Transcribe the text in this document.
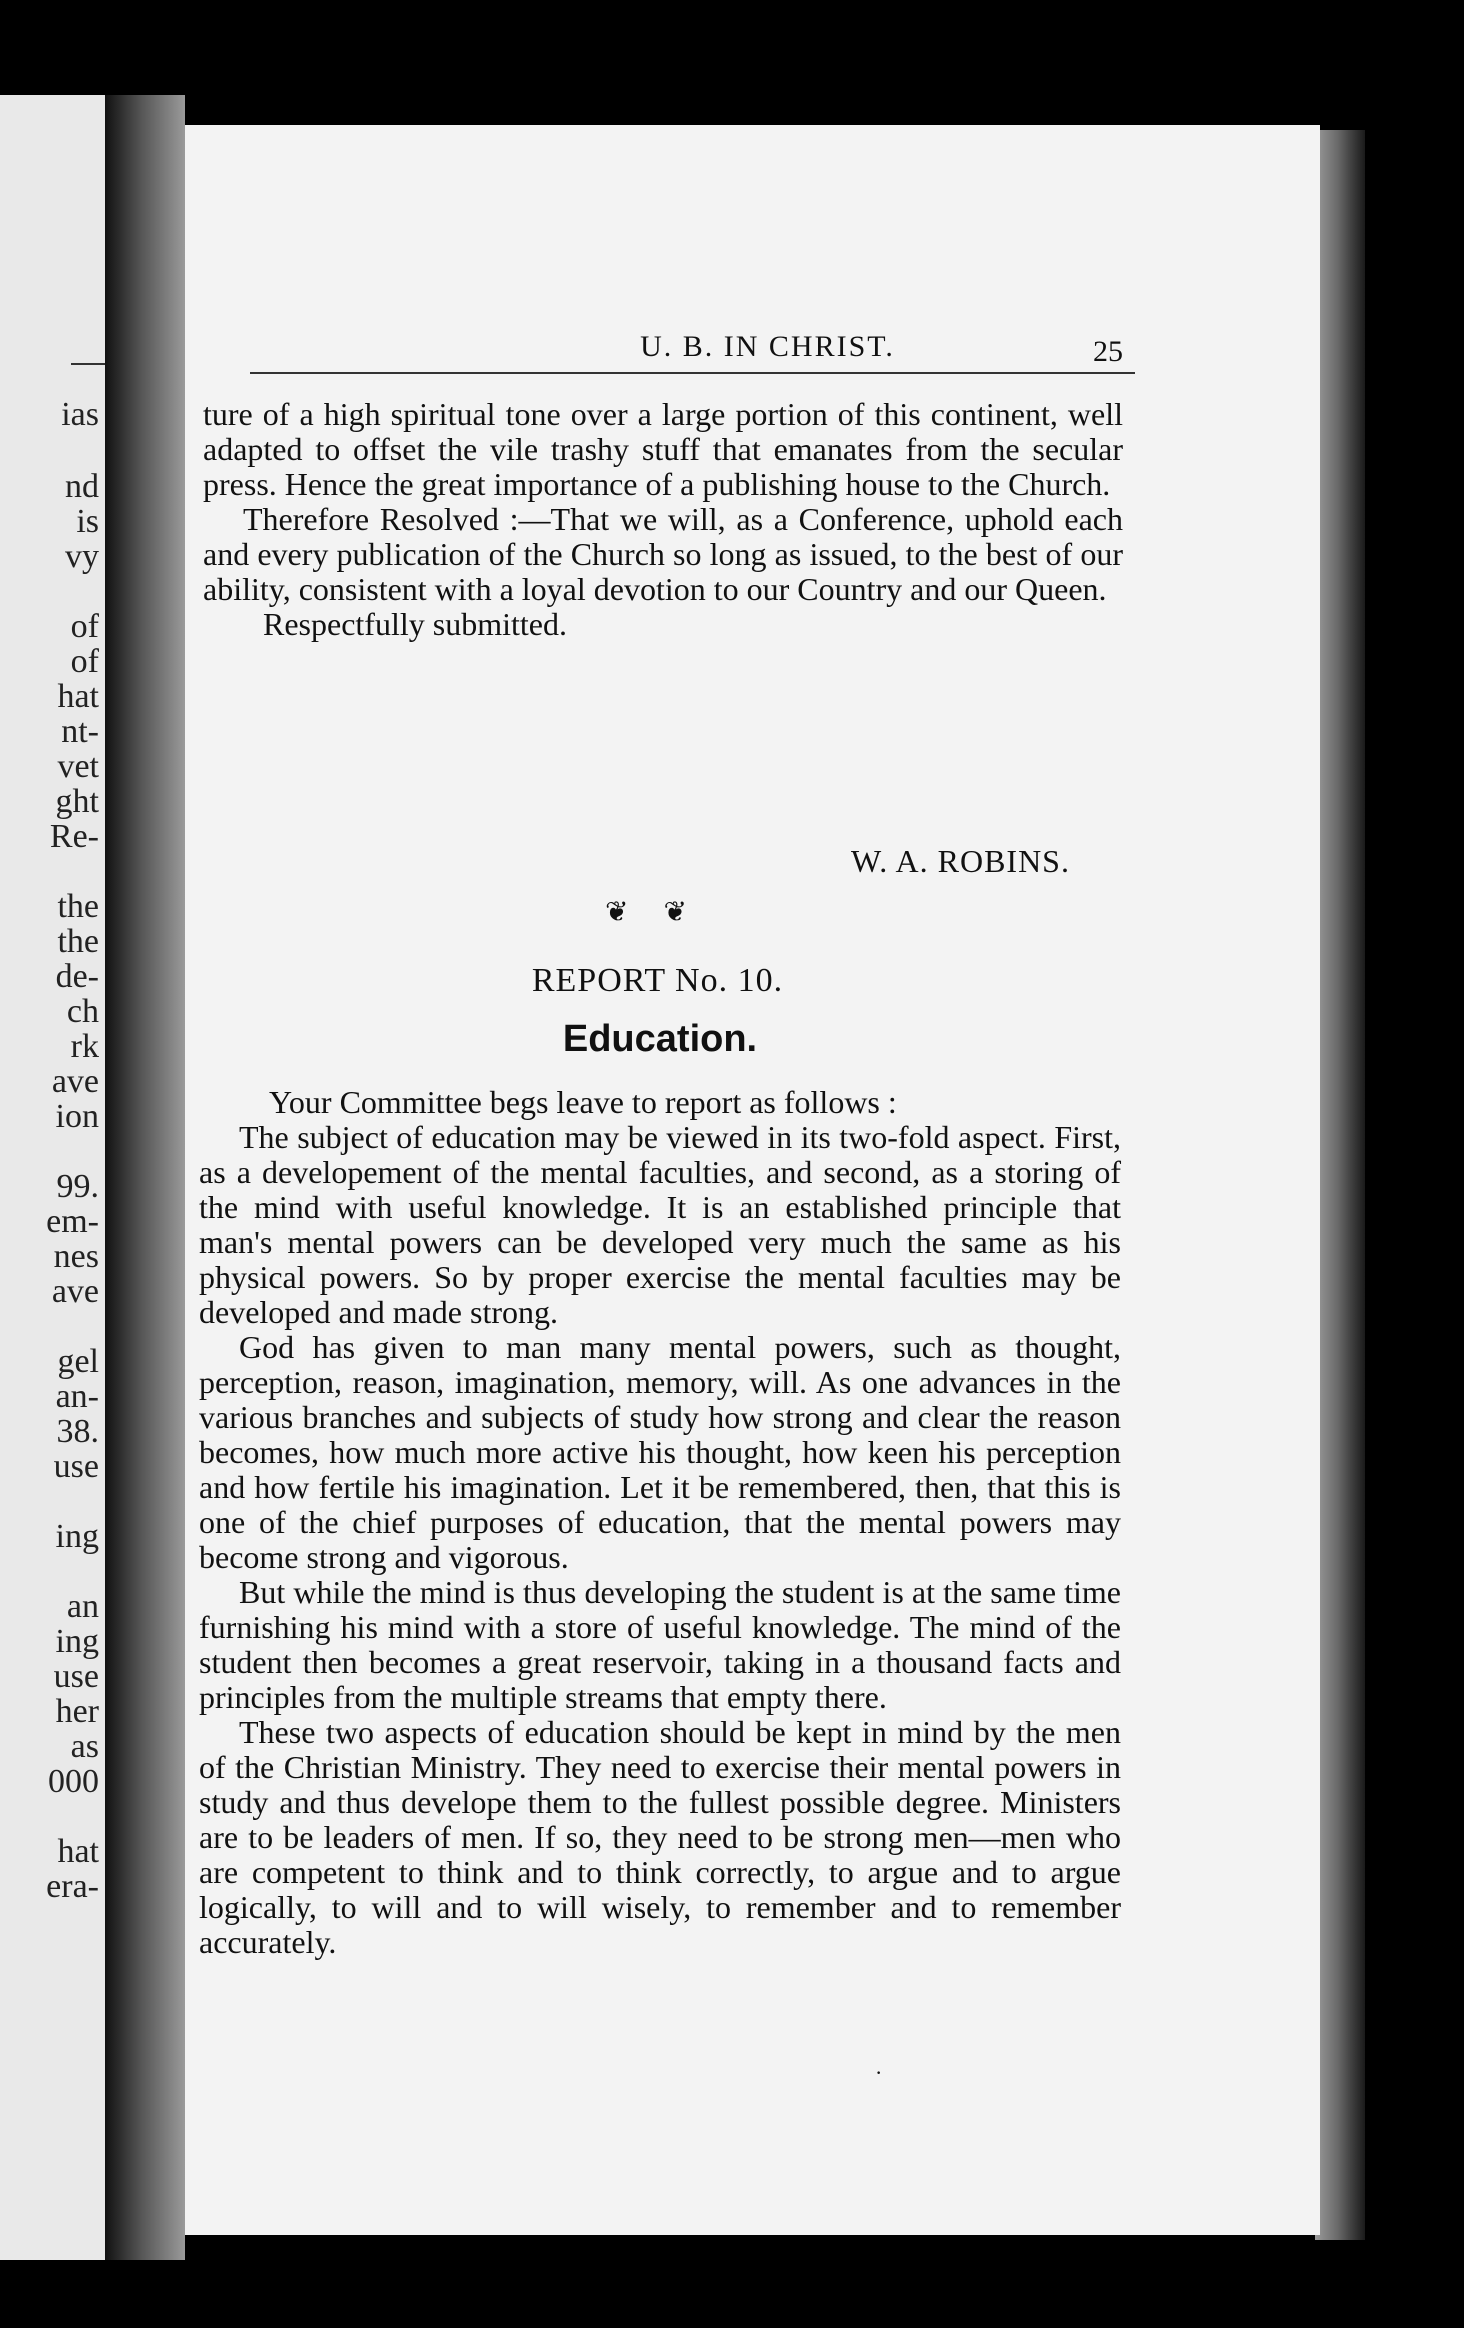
ias
nd
is
vy
of
of
hat
nt-
vet
ght
Re-
the
the
de-
ch
rk
ave
ion
99.
em-
nes
ave
gel
an-
38.
use
ing
an
ing
use
her
as
000
hat
era-
U. B. IN CHRIST.	25

ture of a high spiritual tone over a large portion of this continent, well adapted to offset the vile trashy stuff that emanates from the secular press. Hence the great importance of a publishing house to the Church.

Therefore Resolved :—That we will, as a Conference, uphold each and every publication of the Church so long as issued, to the best of our ability, consistent with a loyal devotion to our Country and our Queen.

Respectfully submitted.

W. A. ROBINS.
❦ ❦
REPORT No. 10.
Education.

Your Committee begs leave to report as follows :

The subject of education may be viewed in its two-fold aspect. First, as a developement of the mental faculties, and second, as a storing of the mind with useful knowledge. It is an established principle that man's mental powers can be developed very much the same as his physical powers. So by proper exercise the mental faculties may be developed and made strong.

God has given to man many mental powers, such as thought, perception, reason, imagination, memory, will. As one advances in the various branches and subjects of study how strong and clear the reason becomes, how much more active his thought, how keen his perception and how fertile his imagination. Let it be remembered, then, that this is one of the chief purposes of education, that the mental powers may become strong and vigorous.

But while the mind is thus developing the student is at the same time furnishing his mind with a store of useful knowledge. The mind of the student then becomes a great reservoir, taking in a thousand facts and principles from the multiple streams that empty there.

These two aspects of education should be kept in mind by the men of the Christian Ministry. They need to exercise their mental powers in study and thus develope them to the fullest possible degree. Ministers are to be leaders of men. If so, they need to be strong men—men who are competent to think and to think correctly, to argue and to argue logically, to will and to will wisely, to remember and to remember accurately.

·
